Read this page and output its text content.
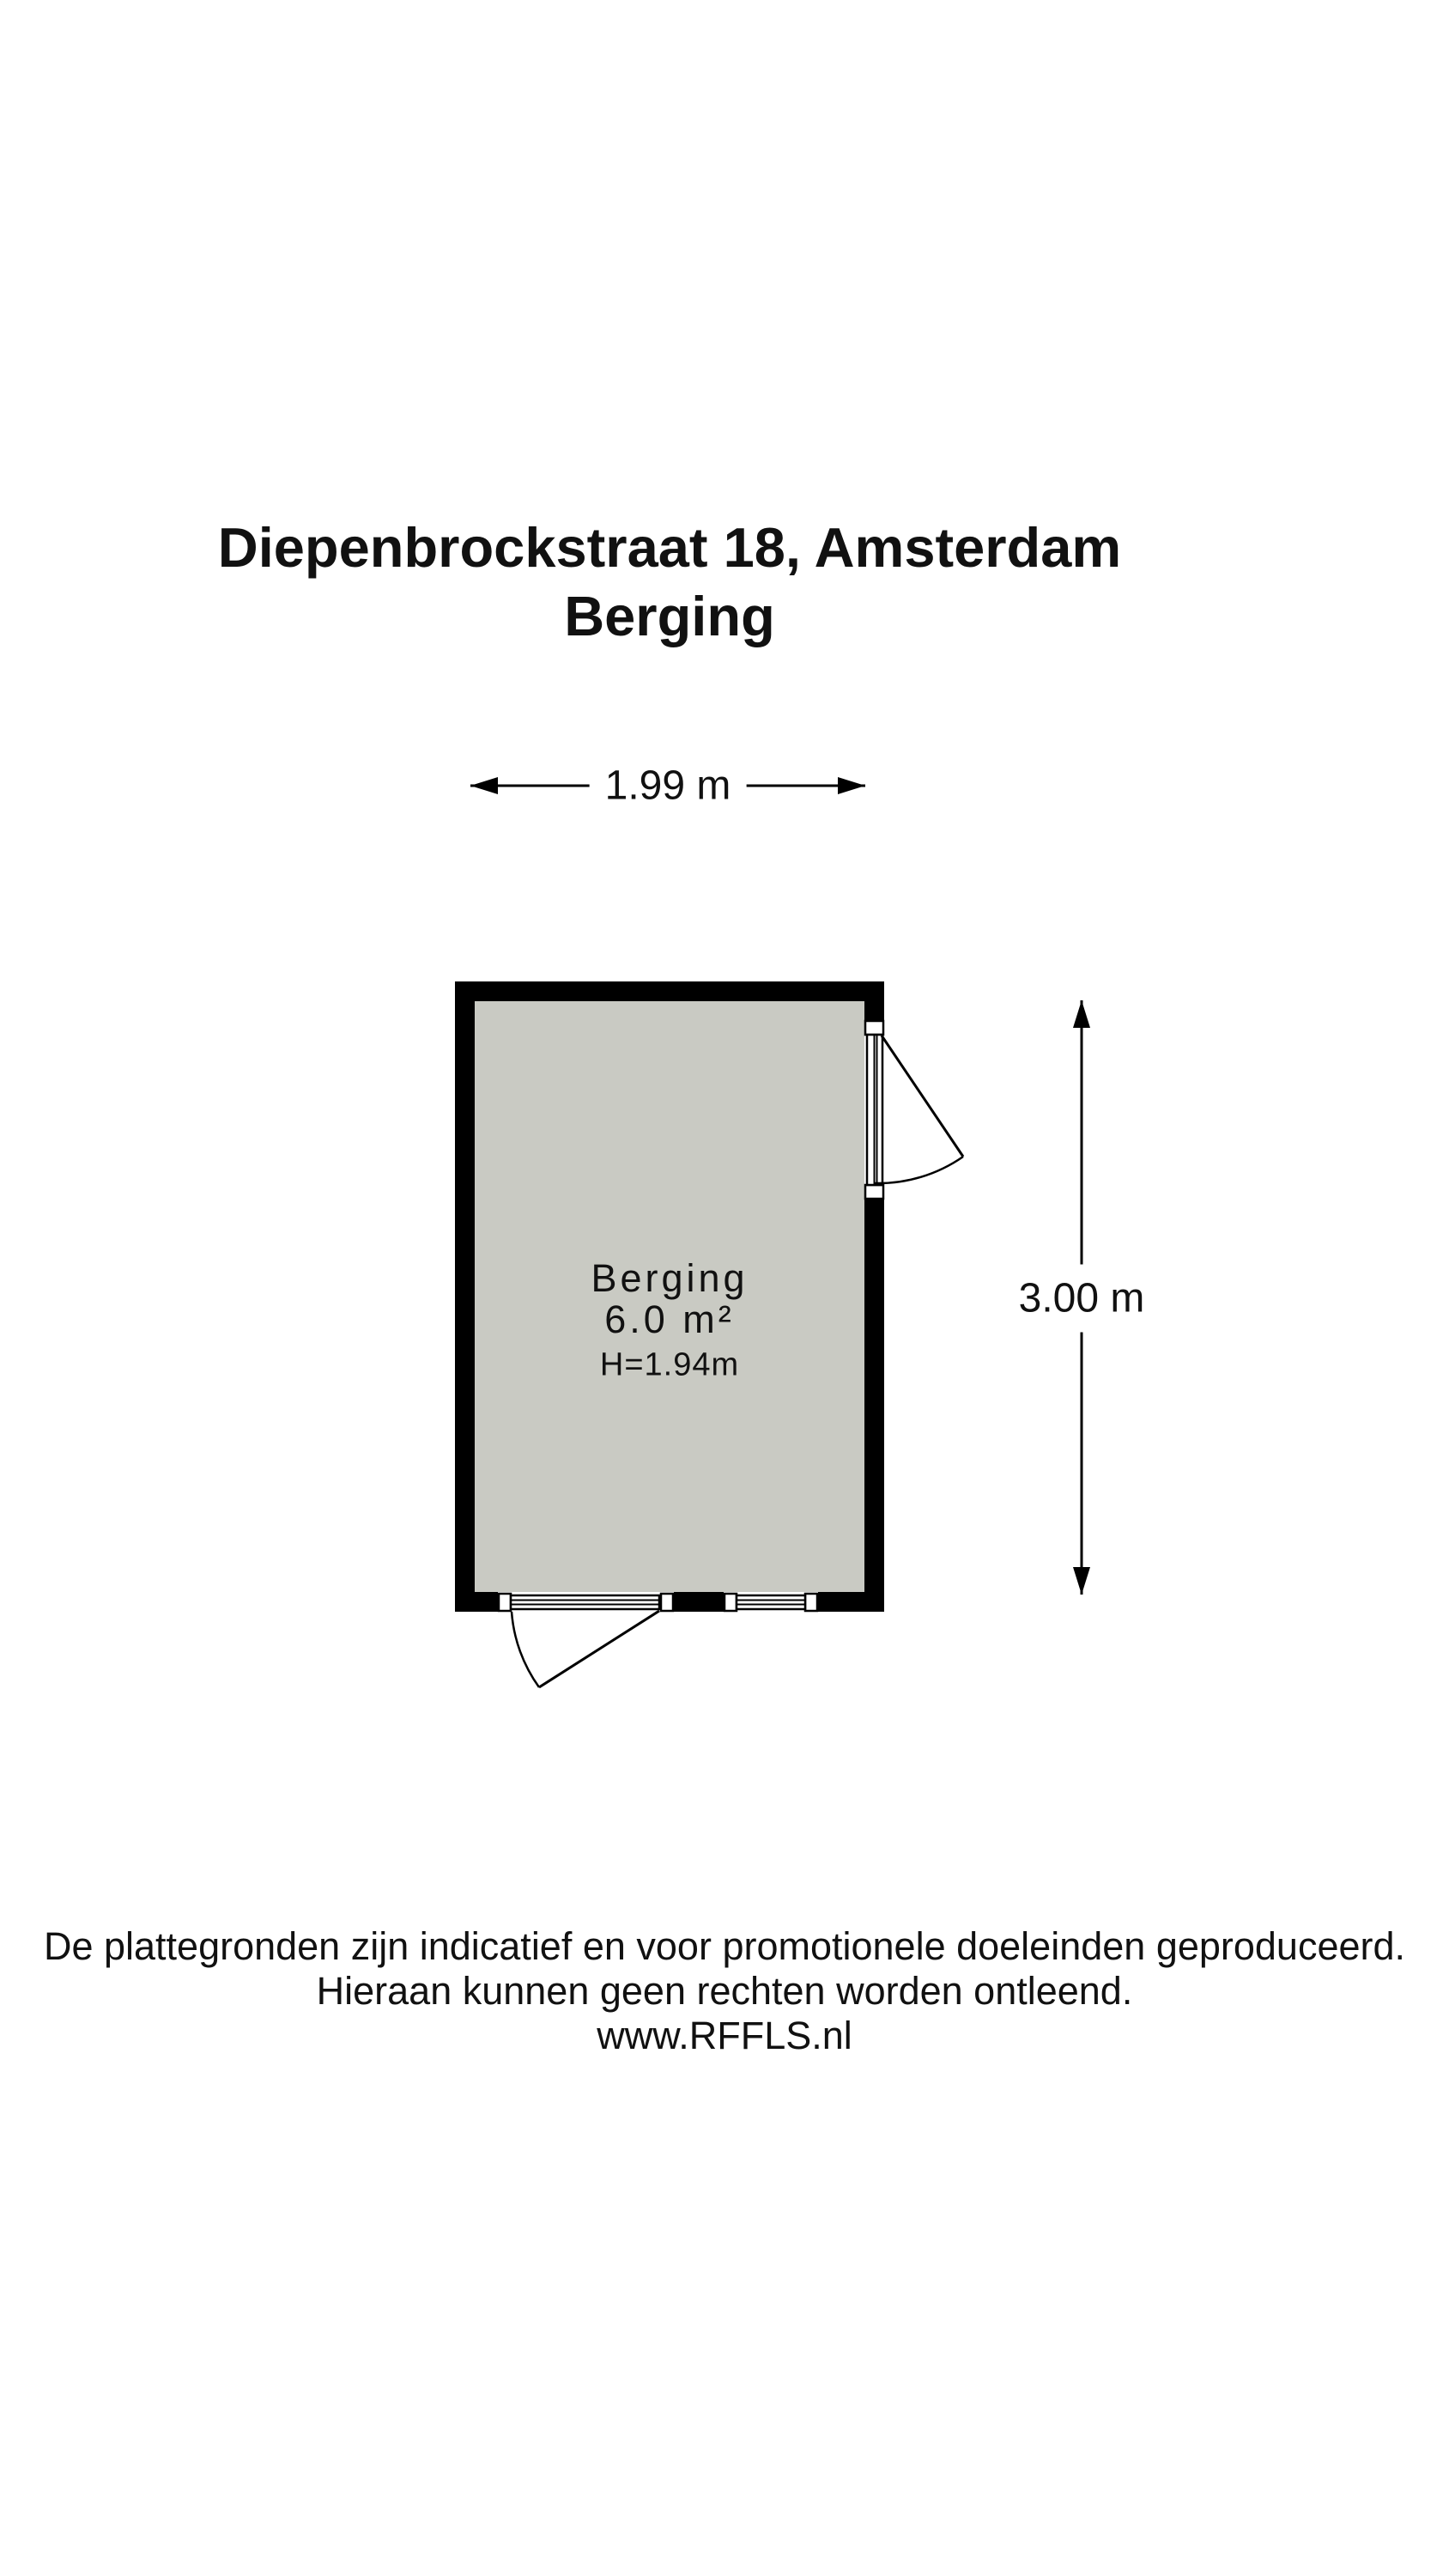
Diepenbrockstraat 18, Amsterdam
Berging
1.99 m
3.00 m
Berging
6.0 m²
H=1.94m
De plattegronden zijn indicatief en voor promotionele doeleinden geproduceerd.
Hieraan kunnen geen rechten worden ontleend.
www.RFFLS.nl
